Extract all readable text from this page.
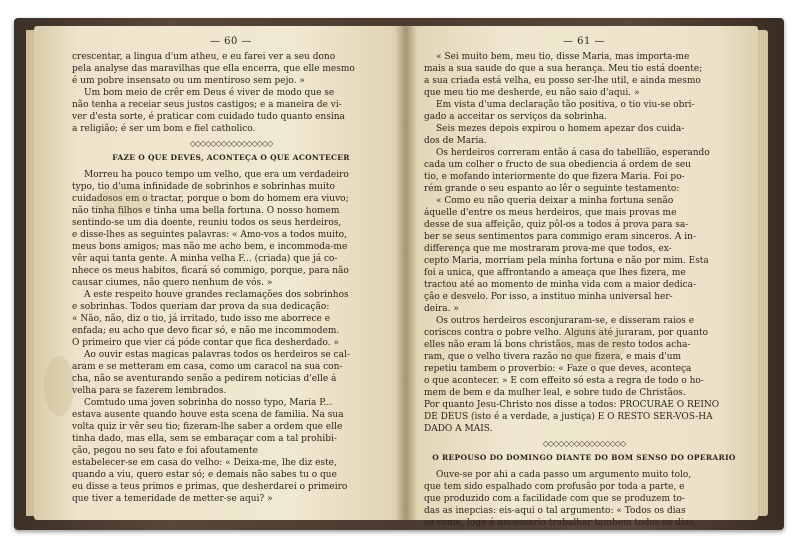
— 60 —

crescentar, a lingua d'um atheu, e eu farei ver a seu dono
pela analyse das maravilhas que ella encerra, que elle mesmo
é um pobre insensato ou um mentiroso sem pejo. »

Um bom meio de crêr em Deus é viver de modo que se
não tenha a receiar seus justos castigos; e a maneira de vi-
ver d'esta sorte, é praticar com cuidado tudo quanto ensina
a religião; é ser um bom e fiel catholico.

◇◇◇◇◇◇◇◇◇◇◇◇◇◇◇◇
FAZE O QUE DEVES, ACONTEÇA O QUE ACONTECER

Morreu ha pouco tempo um velho, que era um verdadeiro
typo, tio d'uma infinidade de sobrinhos e sobrinhas muito
cuidadosos em o tractar, porque o bom do homem era viuvo;
não tinha filhos e tinha uma bella fortuna. O nosso homem
sentindo-se um dia doente, reuniu todos os seus herdeiros,
e disse-lhes as seguintes palavras: « Amo-vos a todos muito,
meus bons amigos; mas não me acho bem, e incommoda-me
vêr aqui tanta gente. A minha velha F... (criada) que já co-
nhece os meus habitos, ficará só commigo, porque, para não
causar ciumes, não quero nenhum de vós. »

A este respeito houve grandes reclamações dos sobrinhos
e sobrinhas. Todos queriam dar prova da sua dedicação:
« Não, não, diz o tio, já irritado, tudo isso me aborrece e
enfada; eu acho que devo ficar só, e não me incommodem.
O primeiro que vier cá póde contar que fica desherdado. »

Ao ouvir estas magicas palavras todos os herdeiros se cal-
aram e se metteram em casa, como um caracol na sua con-
cha, não se aventurando senão a pedirem noticias d'elle á
velha para se fazerem lembrados.

Comtudo uma joven sobrinha do nosso typo, Maria P...
estava ausente quando houve esta scena de familia. Na sua
volta quiz ir vêr seu tio; fizeram-lhe saber a ordem que elle
tinha dado, mas ella, sem se embaraçar com a tal prohibi-
ção, pegou no seu fato e foi afoutamente
estabelecer-se em casa do velho: « Deixa-me, lhe diz este,
quando a viu, quero estar só; e demais não sabes tu o que
eu disse a teus primos e primas, que desherdarei o primeiro
que tiver a temeridade de metter-se aqui? »

— 61 —

« Sei muito bem, meu tio, disse Maria, mas importa-me
mais a sua saude do que a sua herança. Meu tio está doente;
a sua criada está velha, eu posso ser-lhe util, e ainda mesmo
que meu tio me desherde, eu não saio d'aqui. »

Em vista d'uma declaração tão positiva, o tio viu-se obri-
gado a acceitar os serviços da sobrinha.

Seis mezes depois expirou o homem apezar dos cuida-
dos de Maria.

Os herdeiros correram então á casa do tabellião, esperando
cada um colher o fructo de sua obediencia á ordem de seu
tio, e mofando interiormente do que fizera Maria. Foi po-
rém grande o seu espanto ao lêr o seguinte testamento:

« Como eu não queria deixar a minha fortuna senão
áquelle d'entre os meus herdeiros, que mais provas me
desse de sua affeição, quiz pôl-os a todos á prova para sa-
ber se seus sentimentos para commigo eram sinceros. A in-
differença que me mostraram prova-me que todos, ex-
cepto Maria, morriam pela minha fortuna e não por mim. Esta
foi a unica, que affrontando a ameaça que lhes fizera, me
tractou até ao momento de minha vida com a maior dedica-
ção e desvelo. Por isso, a instituo minha universal her-
deira. »

Os outros herdeiros esconjuraram-se, e disseram raios e
coriscos contra o pobre velho. Alguns até juraram, por quanto
elles não eram lá bons christãos, mas de resto todos acha-
ram, que o velho tivera razão no que fizera, e mais d'um
repetiu tambem o proverbio: « Faze o que deves, aconteça
o que acontecer. » E com effeito só esta a regra de todo o ho-
mem de bem e da mulher leal, e sobre tudo de Christãos.
Por quanto Jesu-Christo nos disse a todos: PROCURAE O REINO
DE DEUS (isto é a verdade, a justiça) E O RESTO SER-VOS-HA
DADO A MAIS.

◇◇◇◇◇◇◇◇◇◇◇◇◇◇◇◇
O REPOUSO DO DOMINGO DIANTE DO BOM SENSO DO OPERARIO

Ouve-se por ahi a cada passo um argumento muito tolo,
que tem sido espalhado com profusão por toda a parte, e
que produzido com a facilidade com que se produzem to-
das as inepcias: eis-aqui o tal argumento: « Todos os dias
se come, logo é necessario trabalhar tambem todos os dias,
